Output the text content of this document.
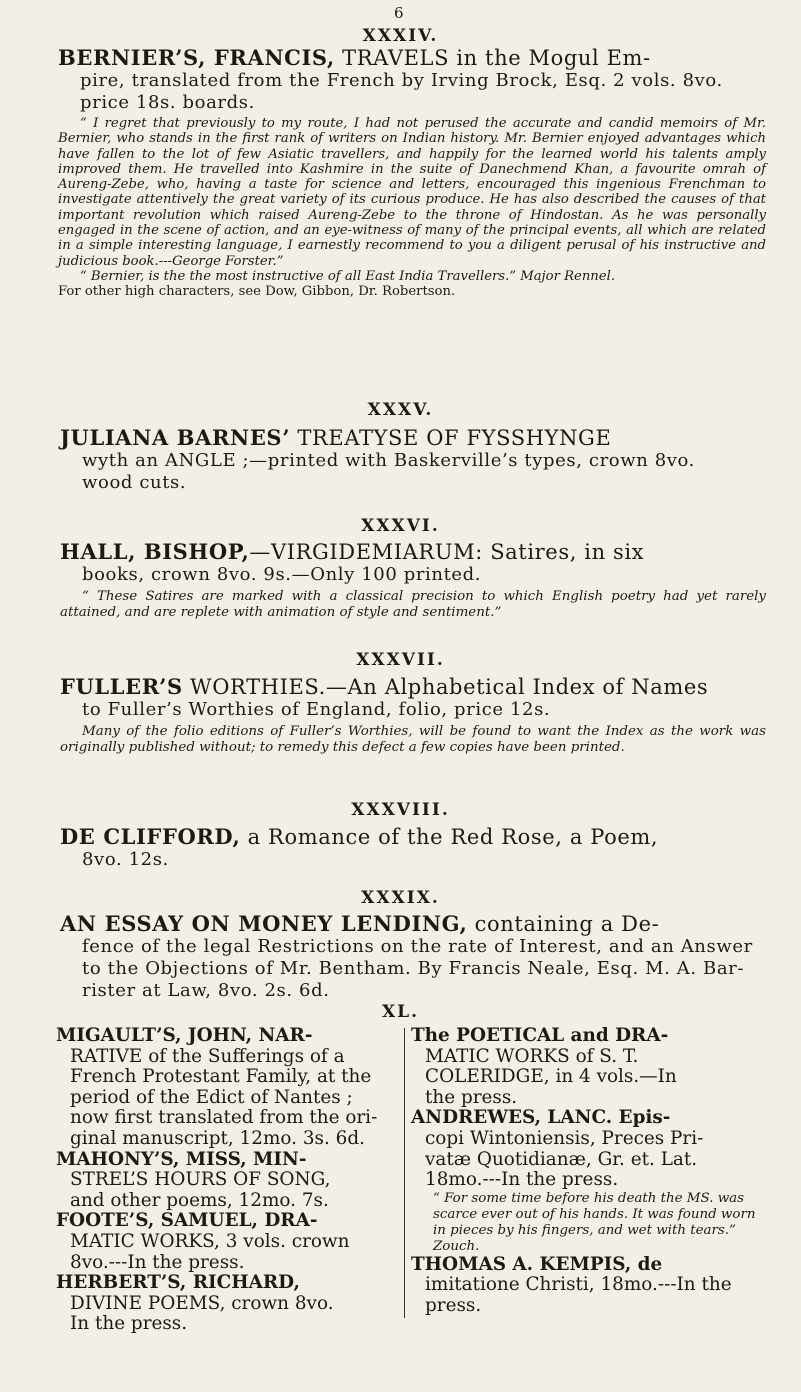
6
XXXIV.
BERNIER’S, FRANCIS, TRAVELS in the Mogul Em-
pire, translated from the French by Irving Brock, Esq. 2 vols. 8vo.
price 18s. boards.
“ I regret that previously to my route, I had not perused the accurate and candid memoirs of Mr. Bernier, who stands in the first rank of writers on Indian history. Mr. Bernier enjoyed advantages which have fallen to the lot of few Asiatic travellers, and happily for the learned world his talents amply improved them. He travelled into Kashmire in the suite of Danechmend Khan, a favourite omrah of Aureng-Zebe, who, having a taste for science and letters, encouraged this ingenious Frenchman to investigate attentively the great variety of its curious produce. He has also described the causes of that important revolution which raised Aureng-Zebe to the throne of Hindostan. As he was personally engaged in the scene of action, and an eye-witness of many of the principal events, all which are related in a simple interesting language, I earnestly recommend to you a diligent perusal of his instructive and judicious book.---George Forster.”
“ Bernier, is the the most instructive of all East India Travellers.” Major Rennel.
For other high characters, see Dow, Gibbon, Dr. Robertson.
XXXV.
JULIANA BARNES’ TREATYSE OF FYSSHYNGE
wyth an ANGLE ;—printed with Baskerville’s types, crown 8vo.
wood cuts.
XXXVI.
HALL, BISHOP,—VIRGIDEMIARUM: Satires, in six
books, crown 8vo. 9s.—Only 100 printed.
“ These Satires are marked with a classical precision to which English poetry had yet rarely attained, and are replete with animation of style and sentiment.”
XXXVII.
FULLER’S WORTHIES.—An Alphabetical Index of Names
to Fuller’s Worthies of England, folio, price 12s.
Many of the folio editions of Fuller’s Worthies, will be found to want the Index as the work was originally published without; to remedy this defect a few copies have been printed.
XXXVIII.
DE CLIFFORD, a Romance of the Red Rose, a Poem,
8vo. 12s.
XXXIX.
AN ESSAY ON MONEY LENDING, containing a De-
fence of the legal Restrictions on the rate of Interest, and an Answer
to the Objections of Mr. Bentham. By Francis Neale, Esq. M. A. Bar-
rister at Law, 8vo. 2s. 6d.
XL.
MIGAULT’S, JOHN, NAR-
RATIVE of the Sufferings of a
French Protestant Family, at the
period of the Edict of Nantes ;
now first translated from the ori-
ginal manuscript, 12mo. 3s. 6d.
MAHONY’S, MISS, MIN-
STREL’S HOURS OF SONG,
and other poems, 12mo. 7s.
FOOTE’S, SAMUEL, DRA-
MATIC WORKS, 3 vols. crown
8vo.---In the press.
HERBERT’S, RICHARD,
DIVINE POEMS, crown 8vo.
In the press.
The POETICAL and DRA-
MATIC WORKS of S. T.
COLERIDGE, in 4 vols.—In
the press.
ANDREWES, LANC. Epis-
copi Wintoniensis, Preces Pri-
vatæ Quotidianæ, Gr. et. Lat.
18mo.---In the press.
“ For some time before his death the MS. was scarce ever out of his hands. It was found worn in pieces by his fingers, and wet with tears.” Zouch.
THOMAS A. KEMPIS, de
imitatione Christi, 18mo.---In the
press.
